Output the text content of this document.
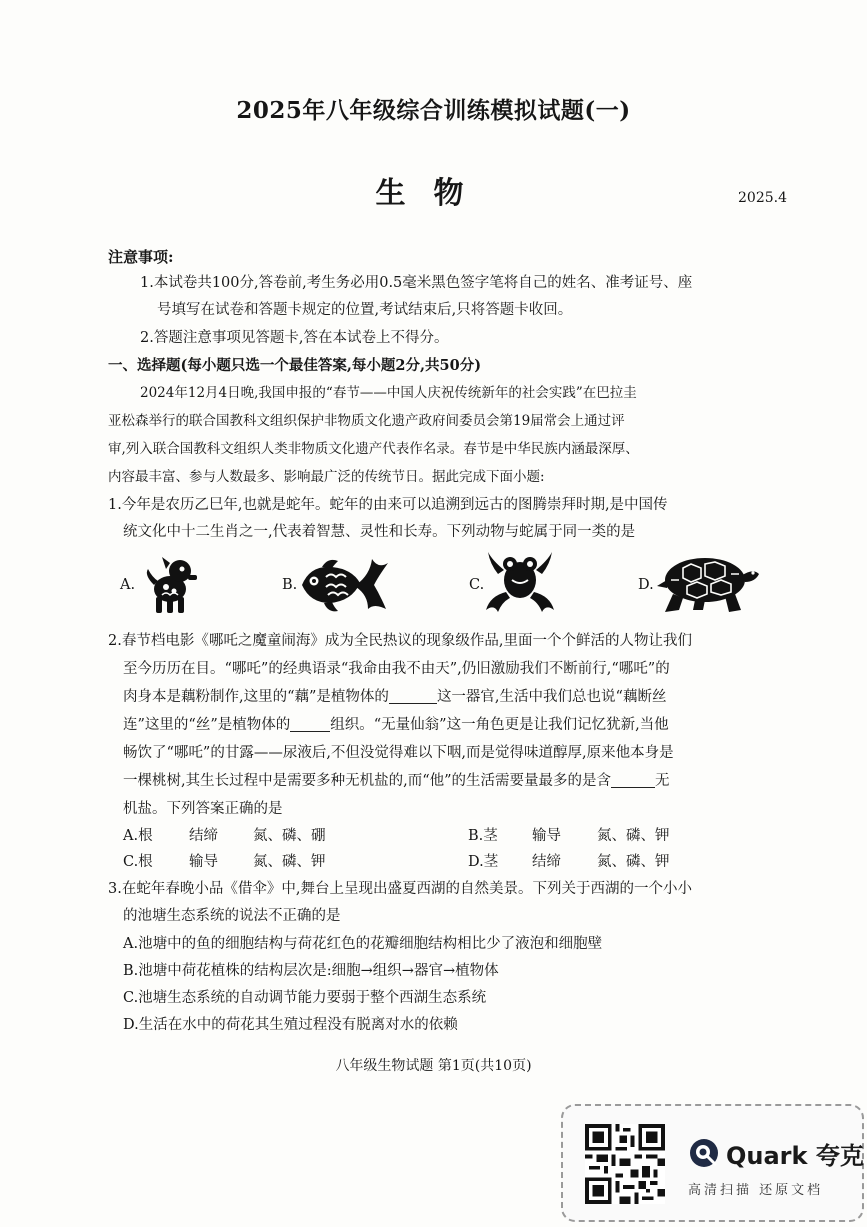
2025年八年级综合训练模拟试题(一)
生物	2025.4
注意事项:
1.本试卷共100分,答卷前,考生务必用0.5毫米黑色签字笔将自己的姓名、准考证号、座
号填写在试卷和答题卡规定的位置,考试结束后,只将答题卡收回。
2.答题注意事项见答题卡,答在本试卷上不得分。
一、选择题(每小题只选一个最佳答案,每小题2分,共50分)
2024年12月4日晚,我国申报的“春节——中国人庆祝传统新年的社会实践”在巴拉圭
亚松森举行的联合国教科文组织保护非物质文化遗产政府间委员会第19届常会上通过评
审,列入联合国教科文组织人类非物质文化遗产代表作名录。春节是中华民族内涵最深厚、
内容最丰富、参与人数最多、影响最广泛的传统节日。据此完成下面小题:
1.今年是农历乙巳年,也就是蛇年。蛇年的由来可以追溯到远古的图腾崇拜时期,是中国传
统文化中十二生肖之一,代表着智慧、灵性和长寿。下列动物与蛇属于同一类的是
A.	B.	C.	D.
2.春节档电影《哪吒之魔童闹海》成为全民热议的现象级作品,里面一个个鲜活的人物让我们
至今历历在目。“哪吒”的经典语录“我命由我不由天”,仍旧激励我们不断前行,“哪吒”的
肉身本是藕粉制作,这里的“藕”是植物体的	这一器官,生活中我们总也说“藕断丝
连”这里的“丝”是植物体的	组织。“无量仙翁”这一角色更是让我们记忆犹新,当他
畅饮了“哪吒”的甘露——尿液后,不但没觉得难以下咽,而是觉得味道醇厚,原来他本身是
一棵桃树,其生长过程中是需要多种无机盐的,而“他”的生活需要量最多的是含	无
机盐。下列答案正确的是
A.根	结缔 氮、磷、硼	B.茎 输导 氮、磷、钾
C.根	输导 氮、磷、钾	D.茎 结缔 氮、磷、钾
3.在蛇年春晚小品《借伞》中,舞台上呈现出盛夏西湖的自然美景。下列关于西湖的一个小小
的池塘生态系统的说法不正确的是
A.池塘中的鱼的细胞结构与荷花红色的花瓣细胞结构相比少了液泡和细胞壁
B.池塘中荷花植株的结构层次是:细胞→组织→器官→植物体
C.池塘生态系统的自动调节能力要弱于整个西湖生态系统
D.生活在水中的荷花其生殖过程没有脱离对水的依赖
八年级生物试题 第1页(共10页)
Quark 夸克
高清扫描 还原文档
